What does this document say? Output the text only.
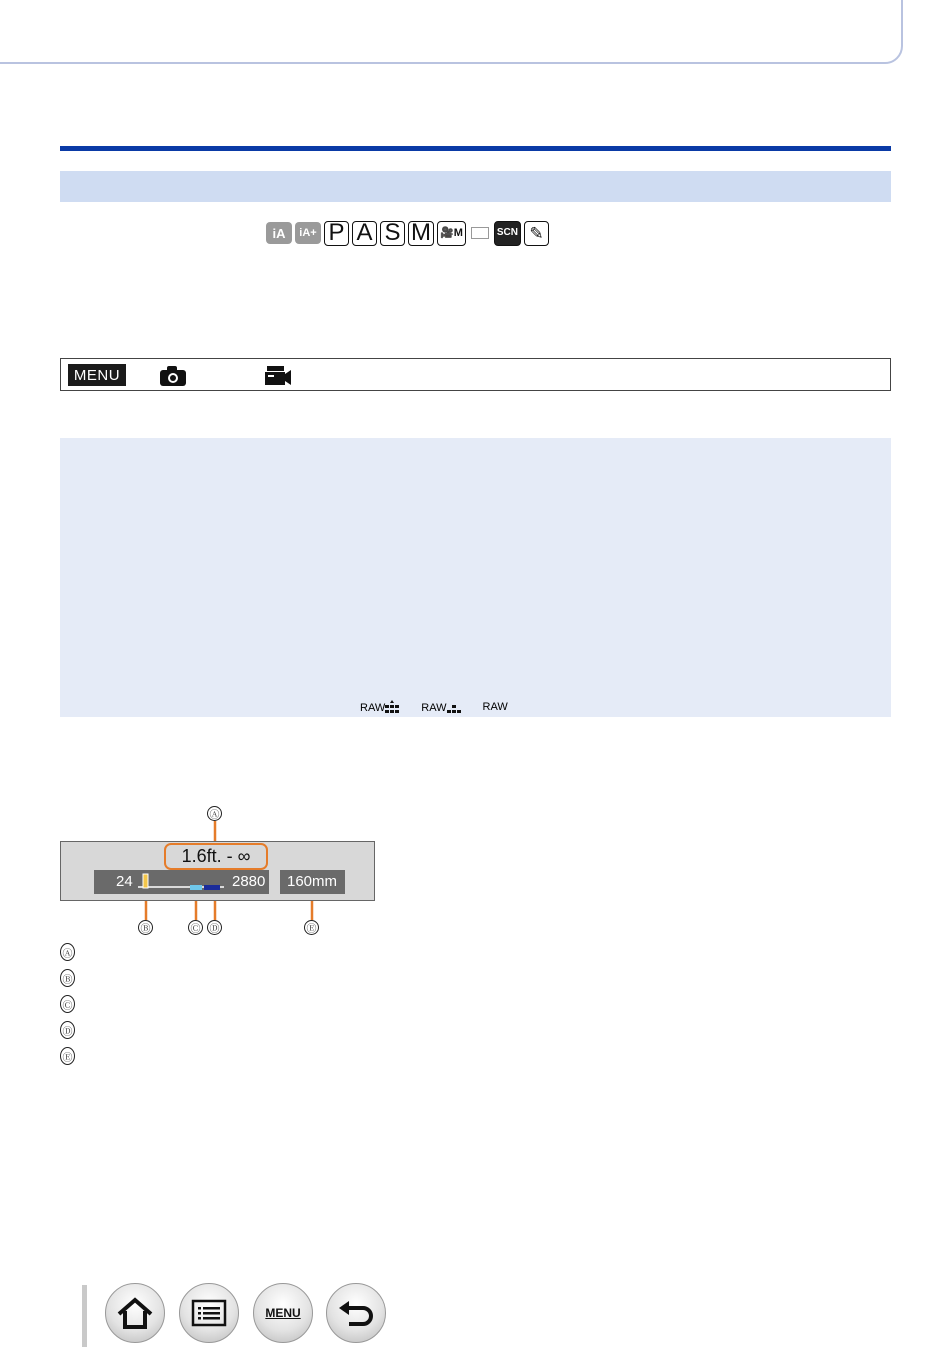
iA	iA+ P A S M 🎥M	SCN ✎
MENU
RAW	RAW	RAW
Ⓐ
24	2880 160mm
1.6ft. - ∞
Ⓑ	Ⓒ Ⓓ	Ⓔ
Ⓐ
Ⓑ
Ⓒ
Ⓓ
Ⓔ
MENU
